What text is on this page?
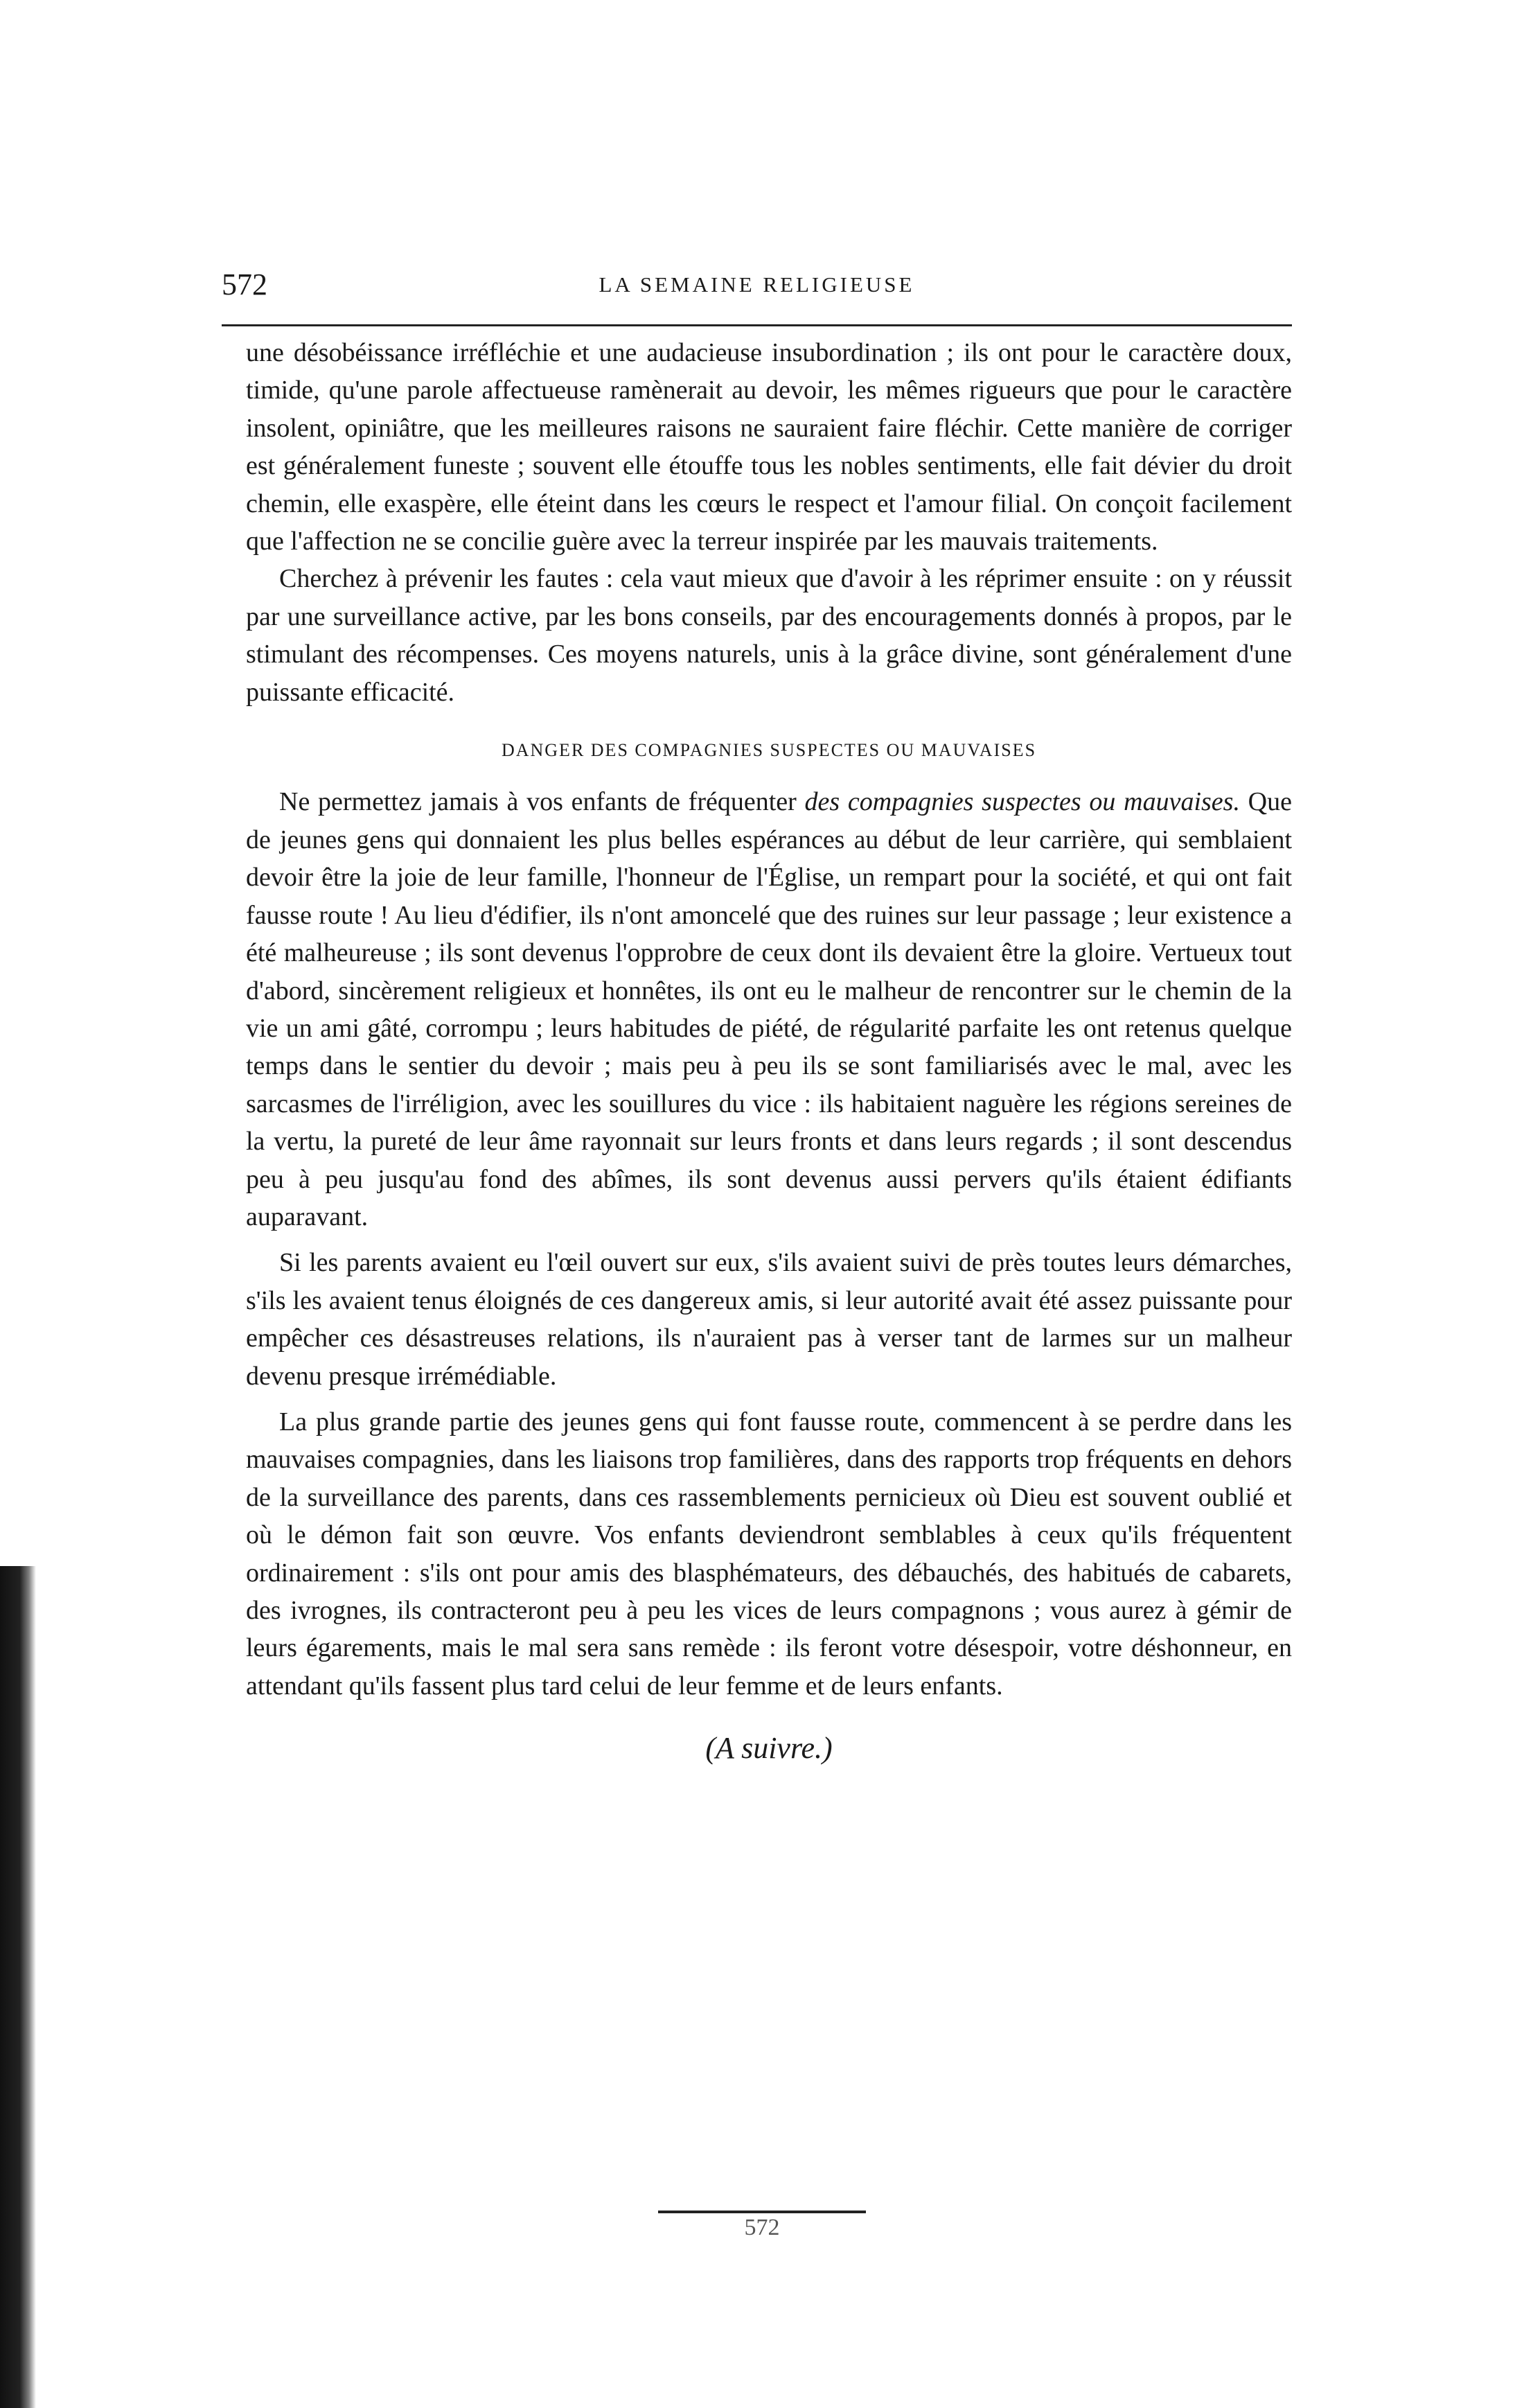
572	LA SEMAINE RELIGIEUSE

une désobéissance irréfléchie et une audacieuse insubordination ; ils ont pour le caractère doux, timide, qu'une parole affectueuse ramènerait au devoir, les mêmes rigueurs que pour le caractère insolent, opiniâtre, que les meilleures raisons ne sauraient faire fléchir. Cette manière de corriger est généralement funeste ; souvent elle étouffe tous les nobles sentiments, elle fait dévier du droit chemin, elle exaspère, elle éteint dans les cœurs le respect et l'amour filial. On conçoit facilement que l'affection ne se concilie guère avec la terreur inspirée par les mauvais traitements.

Cherchez à prévenir les fautes : cela vaut mieux que d'avoir à les réprimer ensuite : on y réussit par une surveillance active, par les bons conseils, par des encouragements donnés à propos, par le stimulant des récompenses. Ces moyens naturels, unis à la grâce divine, sont généralement d'une puissante efficacité.

DANGER DES COMPAGNIES SUSPECTES OU MAUVAISES

Ne permettez jamais à vos enfants de fréquenter des compagnies suspectes ou mauvaises. Que de jeunes gens qui donnaient les plus belles espérances au début de leur carrière, qui semblaient devoir être la joie de leur famille, l'honneur de l'Église, un rempart pour la société, et qui ont fait fausse route ! Au lieu d'édifier, ils n'ont amoncelé que des ruines sur leur passage ; leur existence a été malheureuse ; ils sont devenus l'opprobre de ceux dont ils devaient être la gloire. Vertueux tout d'abord, sincèrement religieux et honnêtes, ils ont eu le malheur de rencontrer sur le chemin de la vie un ami gâté, corrompu ; leurs habitudes de piété, de régularité parfaite les ont retenus quelque temps dans le sentier du devoir ; mais peu à peu ils se sont familiarisés avec le mal, avec les sarcasmes de l'irréligion, avec les souillures du vice : ils habitaient naguère les régions sereines de la vertu, la pureté de leur âme rayonnait sur leurs fronts et dans leurs regards ; il sont descendus peu à peu jusqu'au fond des abîmes, ils sont devenus aussi pervers qu'ils étaient édifiants auparavant.

Si les parents avaient eu l'œil ouvert sur eux, s'ils avaient suivi de près toutes leurs démarches, s'ils les avaient tenus éloignés de ces dangereux amis, si leur autorité avait été assez puissante pour empêcher ces désastreuses relations, ils n'auraient pas à verser tant de larmes sur un malheur devenu presque irrémédiable.

La plus grande partie des jeunes gens qui font fausse route, commencent à se perdre dans les mauvaises compagnies, dans les liaisons trop familières, dans des rapports trop fréquents en dehors de la surveillance des parents, dans ces rassemblements pernicieux où Dieu est souvent oublié et où le démon fait son œuvre. Vos enfants deviendront semblables à ceux qu'ils fréquentent ordinairement : s'ils ont pour amis des blasphémateurs, des débauchés, des habitués de cabarets, des ivrognes, ils contracteront peu à peu les vices de leurs compagnons ; vous aurez à gémir de leurs égarements, mais le mal sera sans remède : ils feront votre désespoir, votre déshonneur, en attendant qu'ils fassent plus tard celui de leur femme et de leurs enfants.

(A suivre.)
572
